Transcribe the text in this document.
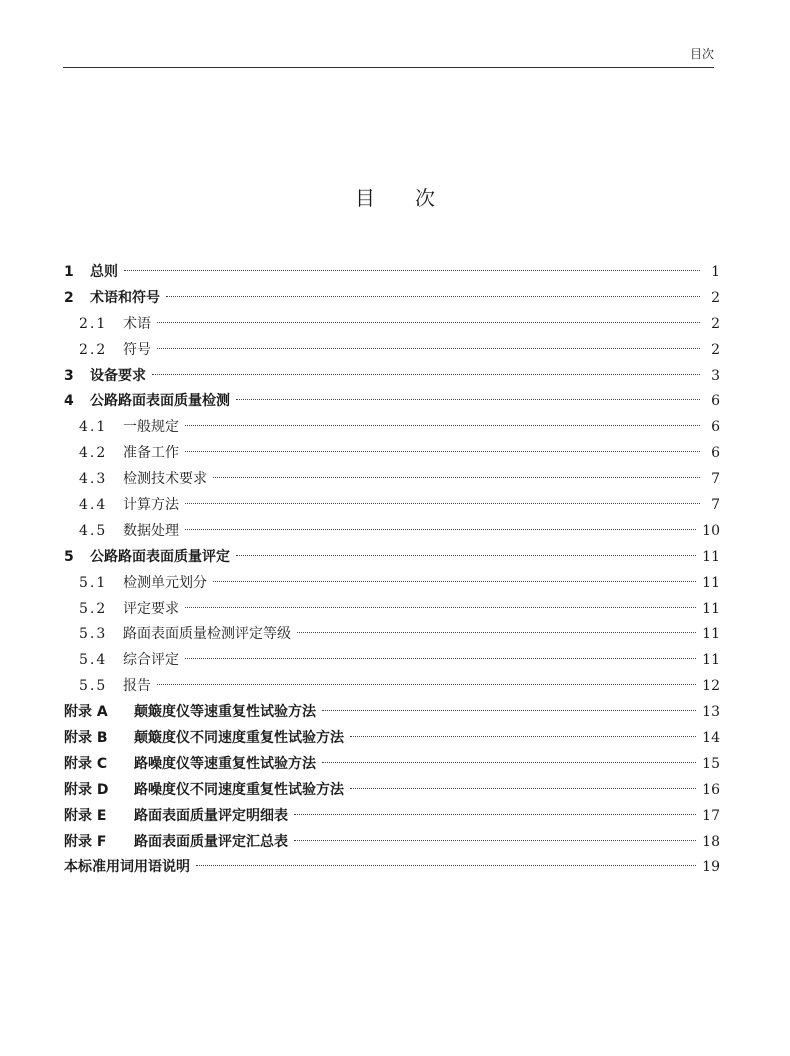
目次
目次
1	总则	1
2	术语和符号	2
2.1	术语	2
2.2	符号	2
3	设备要求	3
4	公路路面表面质量检测	6
4.1	一般规定	6
4.2	准备工作	6
4.3	检测技术要求	7
4.4	计算方法	7
4.5	数据处理	10
5	公路路面表面质量评定	11
5.1	检测单元划分	11
5.2	评定要求	11
5.3	路面表面质量检测评定等级	11
5.4	综合评定	11
5.5	报告	12
附录 A	颠簸度仪等速重复性试验方法	13
附录 B	颠簸度仪不同速度重复性试验方法	14
附录 C	路噪度仪等速重复性试验方法	15
附录 D	路噪度仪不同速度重复性试验方法	16
附录 E	路面表面质量评定明细表	17
附录 F	路面表面质量评定汇总表	18
本标准用词用语说明	19
